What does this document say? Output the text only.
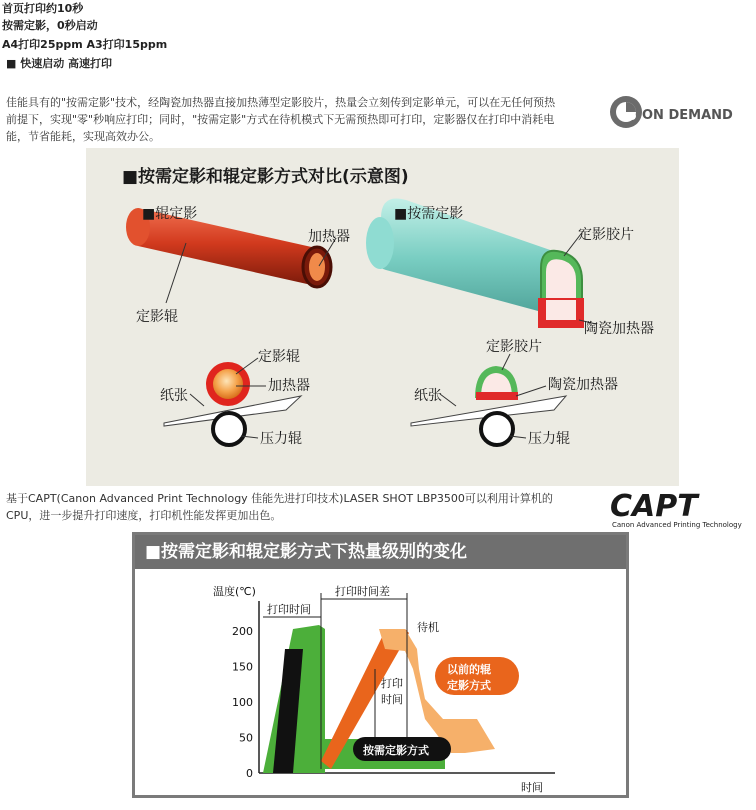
首页打印约10秒
按需定影，0秒启动
A4打印25ppm A3打印15ppm
■ 快速启动 高速打印
佳能具有的"按需定影"技术，经陶瓷加热器直接加热薄型定影胶片，热量会立刻传到定影单元，可以在无任何预热
前提下，实现"零"秒响应打印；同时，"按需定影"方式在待机模式下无需预热即可打印，定影器仅在打印中消耗电
能，节省能耗，实现高效办公。
ON DEMAND
■按需定影和辊定影方式对比(示意图)
■辊定影
加热器
定影辊
定影辊
加热器
纸张
压力辊
■按需定影
定影胶片
陶瓷加热器
定影胶片
陶瓷加热器
纸张
压力辊
基于CAPT(Canon Advanced Print Technology 佳能先进打印技术)LASER SHOT LBP3500可以利用计算机的
CPU，进一步提升打印速度，打印机性能发挥更加出色。	CAPT
Canon Advanced Printing Technology
■按需定影和辊定影方式下热量级别的变化
温度(℃)
时间
0
50
100
150
200
打印时间
打印时间差
待机
打印
时间
以前的辊
定影方式
按需定影方式
